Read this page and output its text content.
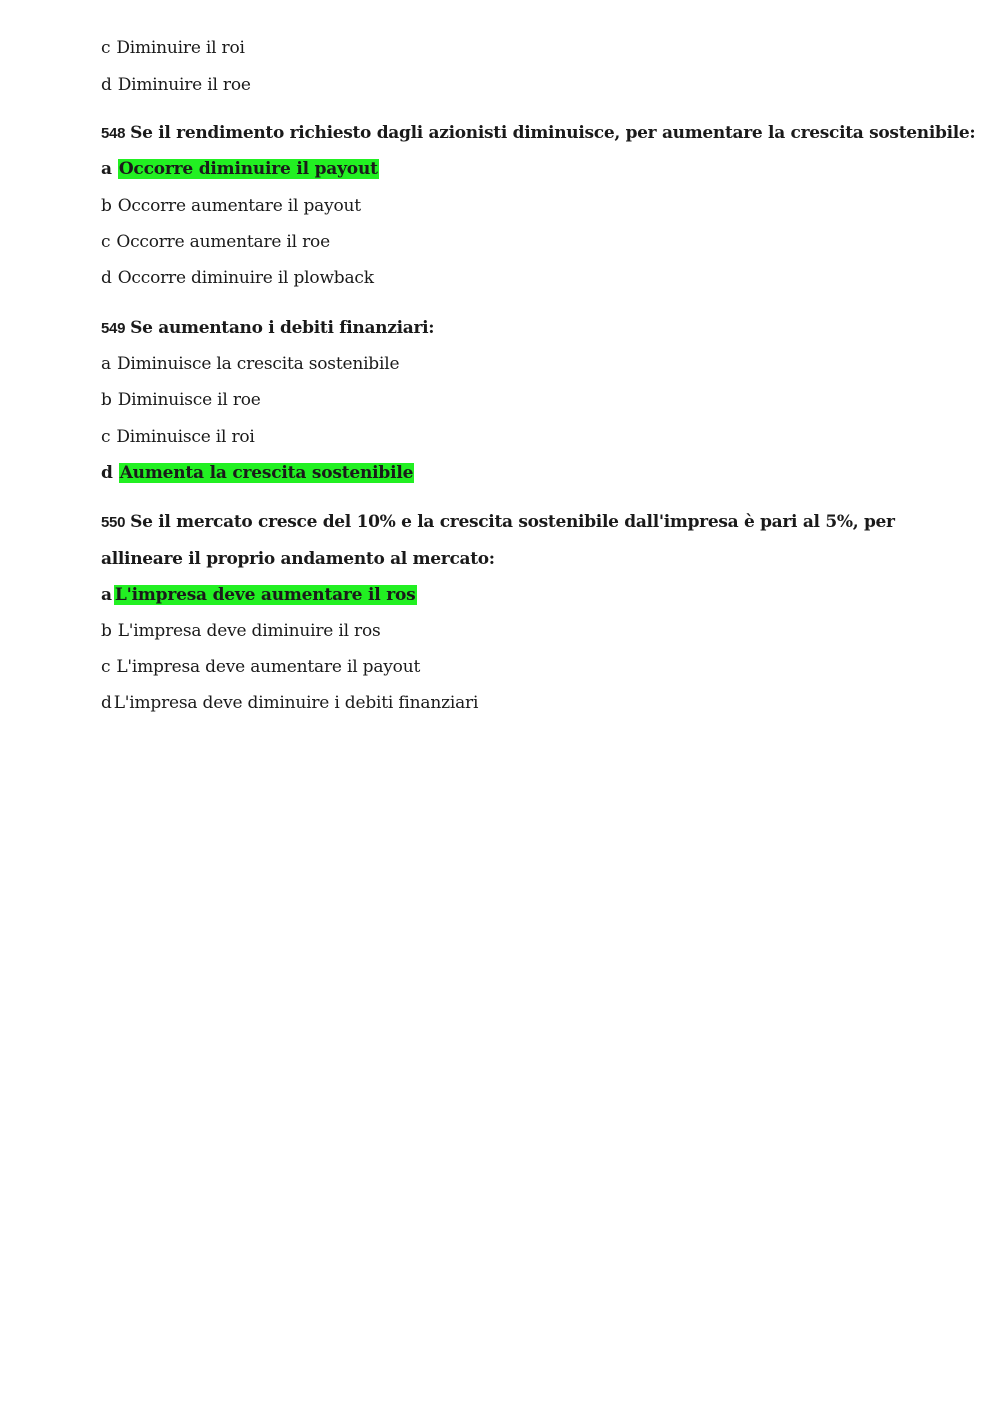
c Diminuire il roi
d Diminuire il roe
548 Se il rendimento richiesto dagli azionisti diminuisce, per aumentare la crescita sostenibile:
a Occorre diminuire il payout
b Occorre aumentare il payout
c Occorre aumentare il roe
d Occorre diminuire il plowback
549 Se aumentano i debiti finanziari:
a Diminuisce la crescita sostenibile
b Diminuisce il roe
c Diminuisce il roi
d Aumenta la crescita sostenibile
550 Se il mercato cresce del 10% e la crescita sostenibile dall'impresa è pari al 5%, per allineare il proprio andamento al mercato:
a L'impresa deve aumentare il ros
b L'impresa deve diminuire il ros
c L'impresa deve aumentare il payout
d L'impresa deve diminuire i debiti finanziari
